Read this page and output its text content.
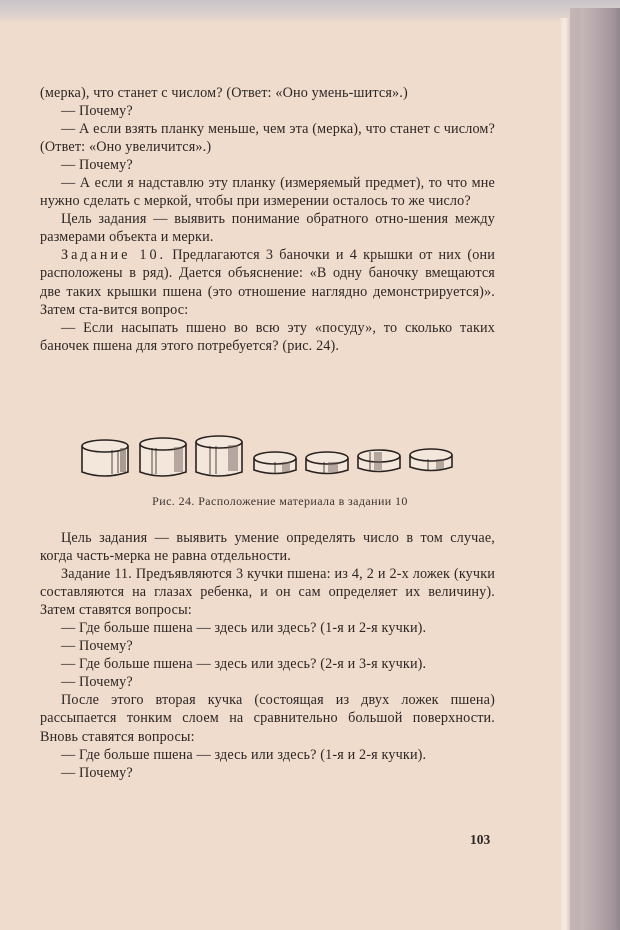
(мерка), что станет с числом? (Ответ: «Оно умень-шится».)

— Почему?

— А если взять планку меньше, чем эта (мерка), что станет с числом? (Ответ: «Оно увеличится».)

— Почему?

— А если я надставлю эту планку (измеряемый предмет), то что мне нужно сделать с меркой, чтобы при измерении осталось то же число?

Цель задания — выявить понимание обратного отно-шения между размерами объекта и мерки.

Задание 10. Предлагаются 3 баночки и 4 крышки от них (они расположены в ряд). Дается объяснение: «В одну баночку вмещаются две таких крышки пшена (это отношение наглядно демонстрируется)». Затем ста-вится вопрос:

— Если насыпать пшено во всю эту «посуду», то сколько таких баночек пшена для этого потребуется? (рис. 24).

Рис. 24. Расположение материала в задании 10

Цель задания — выявить умение определять число в том случае, когда часть-мерка не равна отдельности.

Задание 11. Предъявляются 3 кучки пшена: из 4, 2 и 2-х ложек (кучки составляются на глазах ребенка, и он сам определяет их величину). Затем ставятся вопросы:

— Где больше пшена — здесь или здесь? (1-я и 2-я кучки).

— Почему?

— Где больше пшена — здесь или здесь? (2-я и 3-я кучки).

— Почему?

После этого вторая кучка (состоящая из двух ложек пшена) рассыпается тонким слоем на сравнительно большой поверхности. Вновь ставятся вопросы:

— Где больше пшена — здесь или здесь? (1-я и 2-я кучки).

— Почему?

103
